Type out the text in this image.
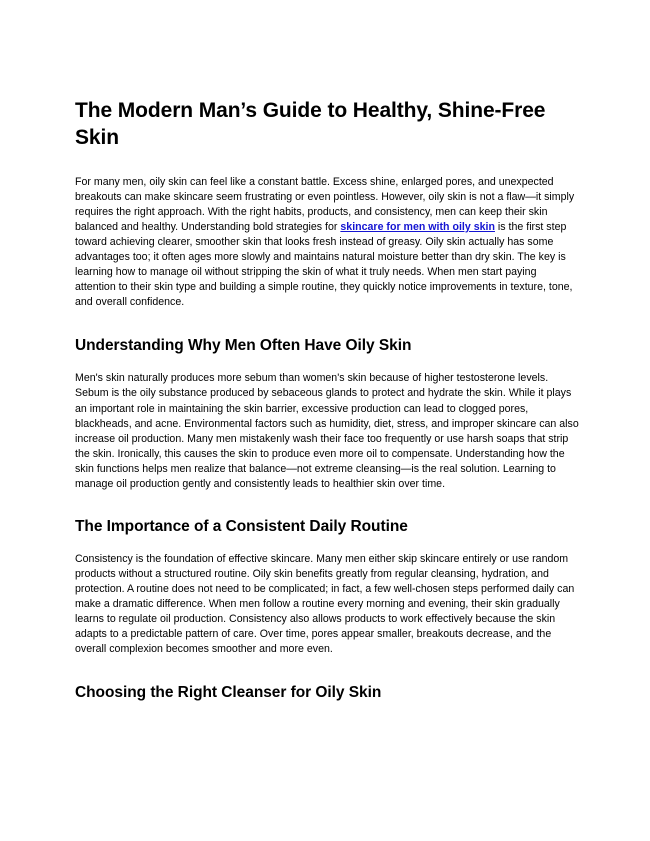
The Modern Man’s Guide to Healthy, Shine-Free Skin

For many men, oily skin can feel like a constant battle. Excess shine, enlarged pores, and unexpected breakouts can make skincare seem frustrating or even pointless. However, oily skin is not a flaw—it simply requires the right approach. With the right habits, products, and consistency, men can keep their skin balanced and healthy. Understanding bold strategies for skincare for men with oily skin is the first step toward achieving clearer, smoother skin that looks fresh instead of greasy. Oily skin actually has some advantages too; it often ages more slowly and maintains natural moisture better than dry skin. The key is learning how to manage oil without stripping the skin of what it truly needs. When men start paying attention to their skin type and building a simple routine, they quickly notice improvements in texture, tone, and overall confidence.

Understanding Why Men Often Have Oily Skin

Men's skin naturally produces more sebum than women's skin because of higher testosterone levels. Sebum is the oily substance produced by sebaceous glands to protect and hydrate the skin. While it plays an important role in maintaining the skin barrier, excessive production can lead to clogged pores, blackheads, and acne. Environmental factors such as humidity, diet, stress, and improper skincare can also increase oil production. Many men mistakenly wash their face too frequently or use harsh soaps that strip the skin. Ironically, this causes the skin to produce even more oil to compensate. Understanding how the skin functions helps men realize that balance—not extreme cleansing—is the real solution. Learning to manage oil production gently and consistently leads to healthier skin over time.

The Importance of a Consistent Daily Routine

Consistency is the foundation of effective skincare. Many men either skip skincare entirely or use random products without a structured routine. Oily skin benefits greatly from regular cleansing, hydration, and protection. A routine does not need to be complicated; in fact, a few well-chosen steps performed daily can make a dramatic difference. When men follow a routine every morning and evening, their skin gradually learns to regulate oil production. Consistency also allows products to work effectively because the skin adapts to a predictable pattern of care. Over time, pores appear smaller, breakouts decrease, and the overall complexion becomes smoother and more even.

Choosing the Right Cleanser for Oily Skin
